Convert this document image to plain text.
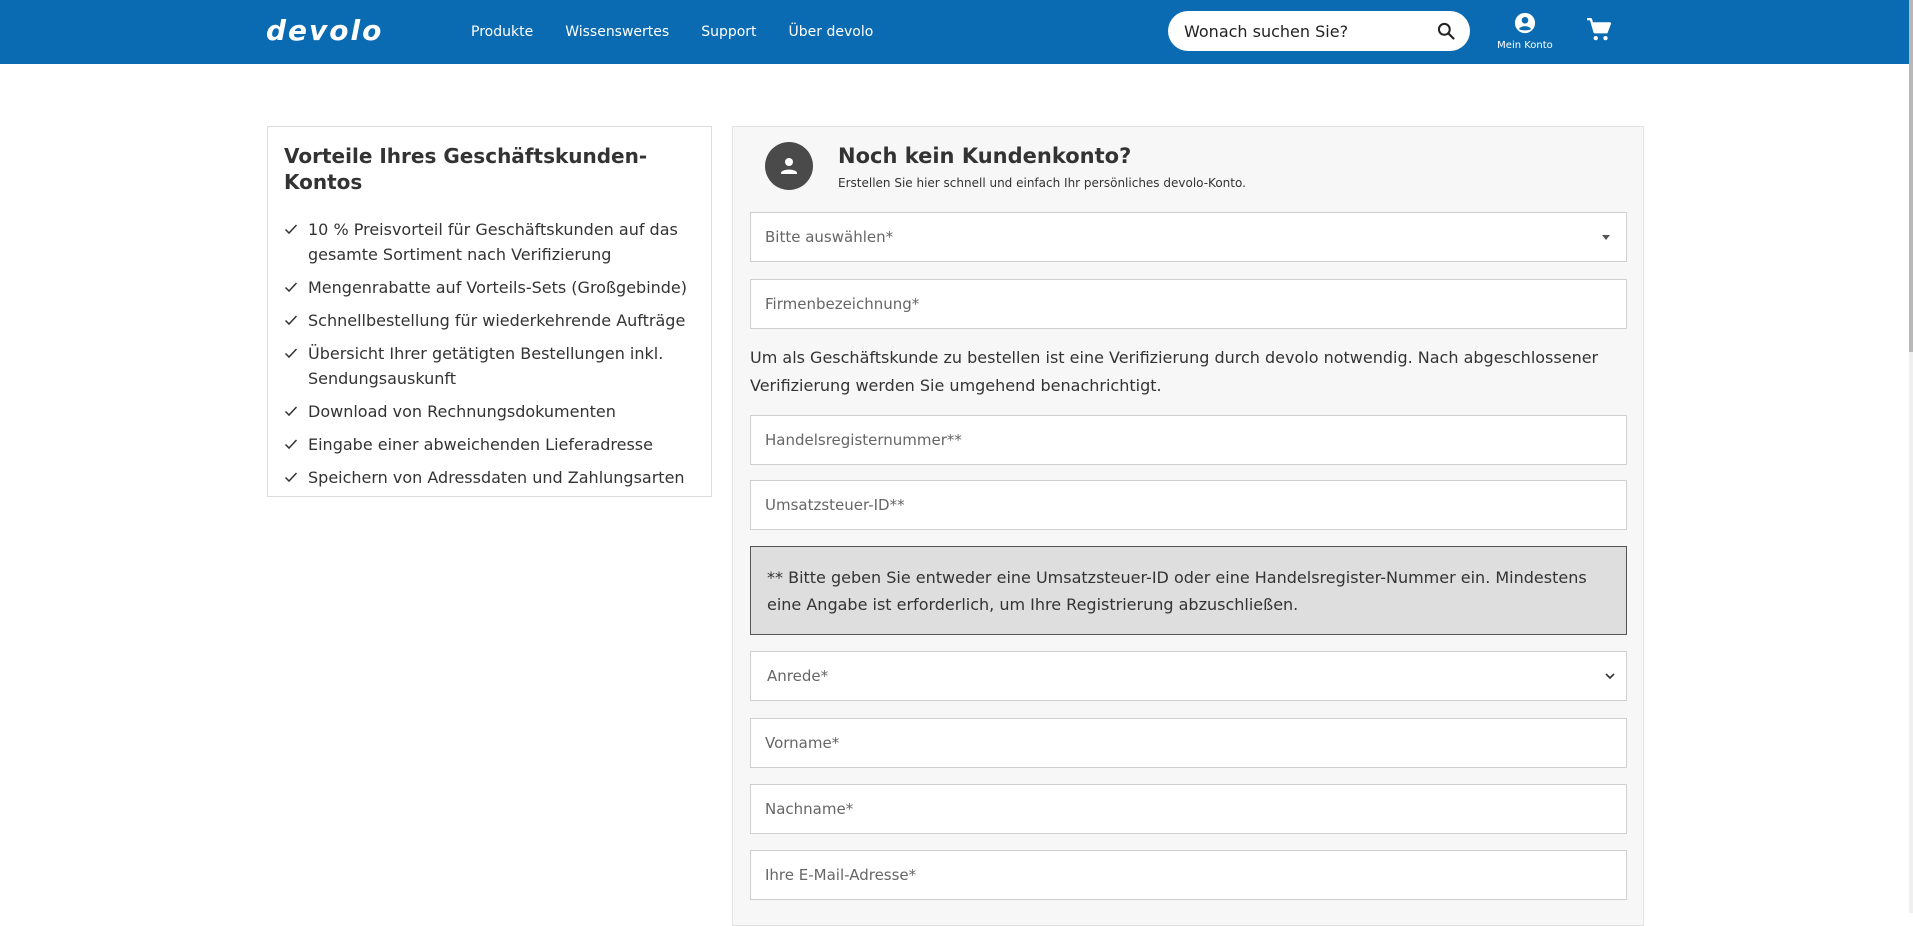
devolo	Produkte Wissenswertes Support Über devolo
Wonach suchen Sie?
Mein Konto
Vorteile Ihres Geschäftskunden-Kontos
10 % Preisvorteil für Geschäftskunden auf das gesamte Sortiment nach Verifizierung
Mengenrabatte auf Vorteils-Sets (Großgebinde)
Schnellbestellung für wiederkehrende Aufträge
Übersicht Ihrer getätigten Bestellungen inkl. Sendungsauskunft
Download von Rechnungsdokumenten
Eingabe einer abweichenden Lieferadresse
Speichern von Adressdaten und Zahlungsarten
Noch kein Kundenkonto?
Erstellen Sie hier schnell und einfach Ihr persönliches devolo-Konto.
Bitte auswählen*
Firmenbezeichnung*
Um als Geschäftskunde zu bestellen ist eine Verifizierung durch devolo notwendig. Nach abgeschlossener Verifizierung werden Sie umgehend benachrichtigt.
Handelsregisternummer**
Umsatzsteuer-ID**
** Bitte geben Sie entweder eine Umsatzsteuer-ID oder eine Handelsregister-Nummer ein. Mindestens eine Angabe ist erforderlich, um Ihre Registrierung abzuschließen.
Anrede*
Vorname*
Nachname*
Ihre E-Mail-Adresse*
